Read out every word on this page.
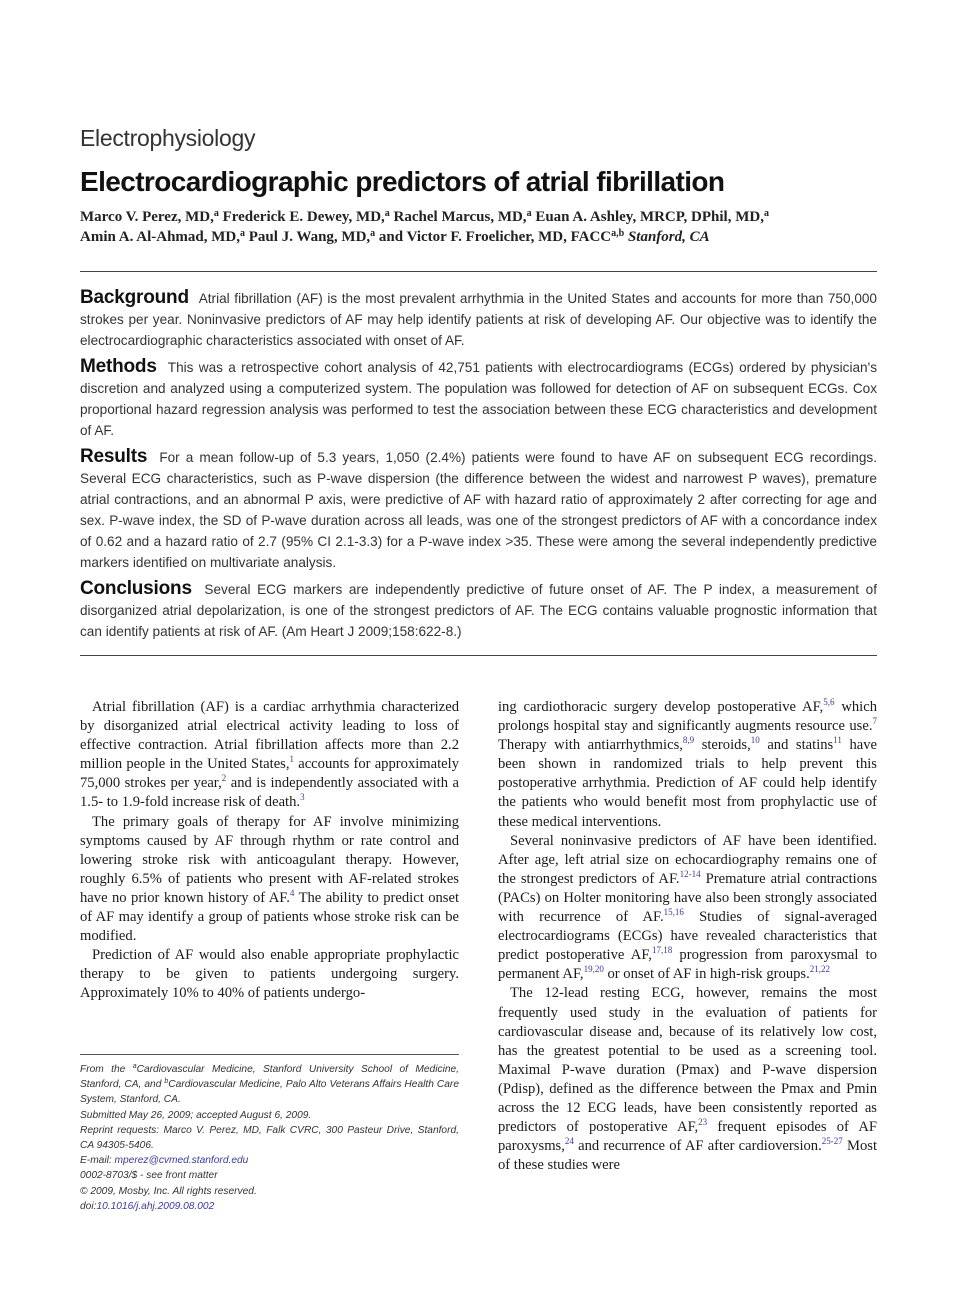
Electrophysiology
Electrocardiographic predictors of atrial fibrillation
Marco V. Perez, MD,$^a$ Frederick E. Dewey, MD,$^a$ Rachel Marcus, MD,$^a$ Euan A. Ashley, MRCP, DPhil, MD,$^a$
Amin A. Al-Ahmad, MD,$^a$ Paul J. Wang, MD,$^a$ and Victor F. Froelicher, MD, FACC$^{a,b}$ Stanford, CA

Background Atrial fibrillation (AF) is the most prevalent arrhythmia in the United States and accounts for more than 750,000 strokes per year. Noninvasive predictors of AF may help identify patients at risk of developing AF. Our objective was to identify the electrocardiographic characteristics associated with onset of AF.

Methods This was a retrospective cohort analysis of 42,751 patients with electrocardiograms (ECGs) ordered by physician's discretion and analyzed using a computerized system. The population was followed for detection of AF on subsequent ECGs. Cox proportional hazard regression analysis was performed to test the association between these ECG characteristics and development of AF.

Results For a mean follow-up of 5.3 years, 1,050 (2.4%) patients were found to have AF on subsequent ECG recordings. Several ECG characteristics, such as P-wave dispersion (the difference between the widest and narrowest P waves), premature atrial contractions, and an abnormal P axis, were predictive of AF with hazard ratio of approximately 2 after correcting for age and sex. P-wave index, the SD of P-wave duration across all leads, was one of the strongest predictors of AF with a concordance index of 0.62 and a hazard ratio of 2.7 (95% CI 2.1-3.3) for a P-wave index >35. These were among the several independently predictive markers identified on multivariate analysis.

Conclusions Several ECG markers are independently predictive of future onset of AF. The P index, a measurement of disorganized atrial depolarization, is one of the strongest predictors of AF. The ECG contains valuable prognostic information that can identify patients at risk of AF. (Am Heart J 2009;158:622-8.)

Atrial fibrillation (AF) is a cardiac arrhythmia characterized by disorganized atrial electrical activity leading to loss of effective contraction. Atrial fibrillation affects more than 2.2 million people in the United States,$^1$ accounts for approximately 75,000 strokes per year,$^2$ and is independently associated with a 1.5- to 1.9-fold increase risk of death.$^3$

The primary goals of therapy for AF involve minimizing symptoms caused by AF through rhythm or rate control and lowering stroke risk with anticoagulant therapy. However, roughly 6.5% of patients who present with AF-related strokes have no prior known history of AF.$^4$ The ability to predict onset of AF may identify a group of patients whose stroke risk can be modified.

Prediction of AF would also enable appropriate prophylactic therapy to be given to patients undergoing surgery. Approximately 10% to 40% of patients undergo-

ing cardiothoracic surgery develop postoperative AF,$^{5,6}$ which prolongs hospital stay and significantly augments resource use.$^7$ Therapy with antiarrhythmics,$^{8,9}$ steroids,$^{10}$ and statins$^{11}$ have been shown in randomized trials to help prevent this postoperative arrhythmia. Prediction of AF could help identify the patients who would benefit most from prophylactic use of these medical interventions.

Several noninvasive predictors of AF have been identified. After age, left atrial size on echocardiography remains one of the strongest predictors of AF.$^{12-14}$ Premature atrial contractions (PACs) on Holter monitoring have also been strongly associated with recurrence of AF.$^{15,16}$ Studies of signal-averaged electrocardiograms (ECGs) have revealed characteristics that predict postoperative AF,$^{17,18}$ progression from paroxysmal to permanent AF,$^{19,20}$ or onset of AF in high-risk groups.$^{21,22}$

The 12-lead resting ECG, however, remains the most frequently used study in the evaluation of patients for cardiovascular disease and, because of its relatively low cost, has the greatest potential to be used as a screening tool. Maximal P-wave duration (Pmax) and P-wave dispersion (Pdisp), defined as the difference between the Pmax and Pmin across the 12 ECG leads, have been consistently reported as predictors of postoperative AF,$^{23}$ frequent episodes of AF paroxysms,$^{24}$ and recurrence of AF after cardioversion.$^{25-27}$ Most of these studies were

From the $^a$Cardiovascular Medicine, Stanford University School of Medicine, Stanford, CA, and $^b$Cardiovascular Medicine, Palo Alto Veterans Affairs Health Care System, Stanford, CA.
Submitted May 26, 2009; accepted August 6, 2009.
Reprint requests: Marco V. Perez, MD, Falk CVRC, 300 Pasteur Drive, Stanford, CA 94305-5406.
E-mail: mperez@cvmed.stanford.edu
0002-8703/$ - see front matter
© 2009, Mosby, Inc. All rights reserved.
doi:10.1016/j.ahj.2009.08.002
